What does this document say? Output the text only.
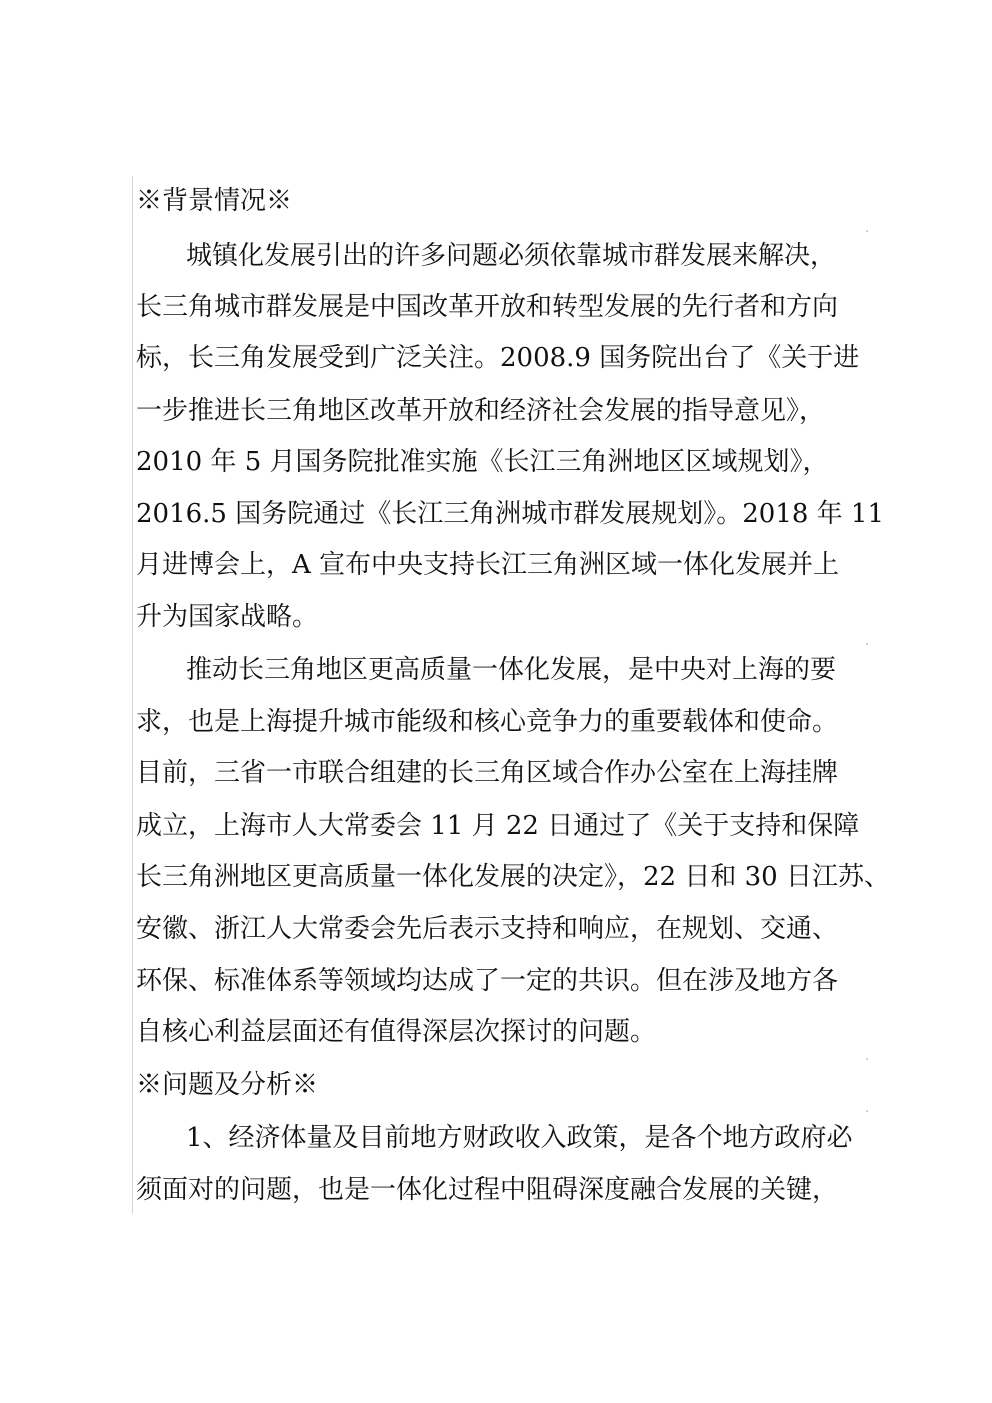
※背景情况※
城镇化发展引出的许多问题必须依靠城市群发展来解决，
长三角城市群发展是中国改革开放和转型发展的先行者和方向
标，长三角发展受到广泛关注。2008.9 国务院出台了《关于进
一步推进长三角地区改革开放和经济社会发展的指导意见》，
2010 年 5 月国务院批准实施《长江三角洲地区区域规划》，
2016.5 国务院通过《长江三角洲城市群发展规划》。2018 年 11
月进博会上，A 宣布中央支持长江三角洲区域一体化发展并上
升为国家战略。
推动长三角地区更高质量一体化发展，是中央对上海的要
求，也是上海提升城市能级和核心竞争力的重要载体和使命。
目前，三省一市联合组建的长三角区域合作办公室在上海挂牌
成立，上海市人大常委会 11 月 22 日通过了《关于支持和保障
长三角洲地区更高质量一体化发展的决定》，22 日和 30 日江苏、
安徽、浙江人大常委会先后表示支持和响应，在规划、交通、
环保、标准体系等领域均达成了一定的共识。但在涉及地方各
自核心利益层面还有值得深层次探讨的问题。
※问题及分析※
1、经济体量及目前地方财政收入政策，是各个地方政府必
须面对的问题，也是一体化过程中阻碍深度融合发展的关键，
